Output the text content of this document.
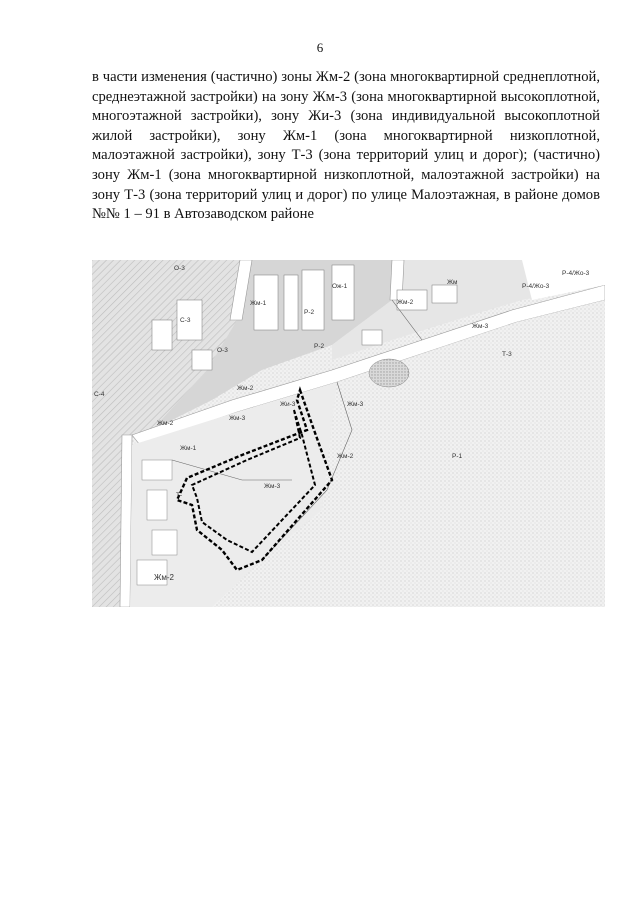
6
в части изменения (частично) зоны Жм-2 (зона многоквартирной среднеплотной, среднеэтажной застройки) на зону Жм-3 (зона многоквартирной высокоплотной, многоэтажной застройки), зону Жи-3 (зона индивидуальной высокоплотной жилой застройки), зону Жм-1 (зона многоквартирной низкоплотной, малоэтажной застройки), зону Т-3 (зона территорий улиц и дорог); (частично) зону Жм-1 (зона многоквартирной низкоплотной, малоэтажной застройки) на зону Т-3 (зона территорий улиц и дорог) по улице Малоэтажная, в районе домов №№ 1 – 91 в Автозаводском районе
О-3
Жм-1
Р-2
Ож-1
Жм-2
Жм
Р-4/Жо-3
Р-4/Жо-3
Жм-3
Т-3
С-3
О-3
С-4
Р-2
Жм-2
Жм-3
Жм-3
Жм-2
Жм-1
Жи-3
Жм-3
Жм-2	Р-1
Т-
Жм-2
